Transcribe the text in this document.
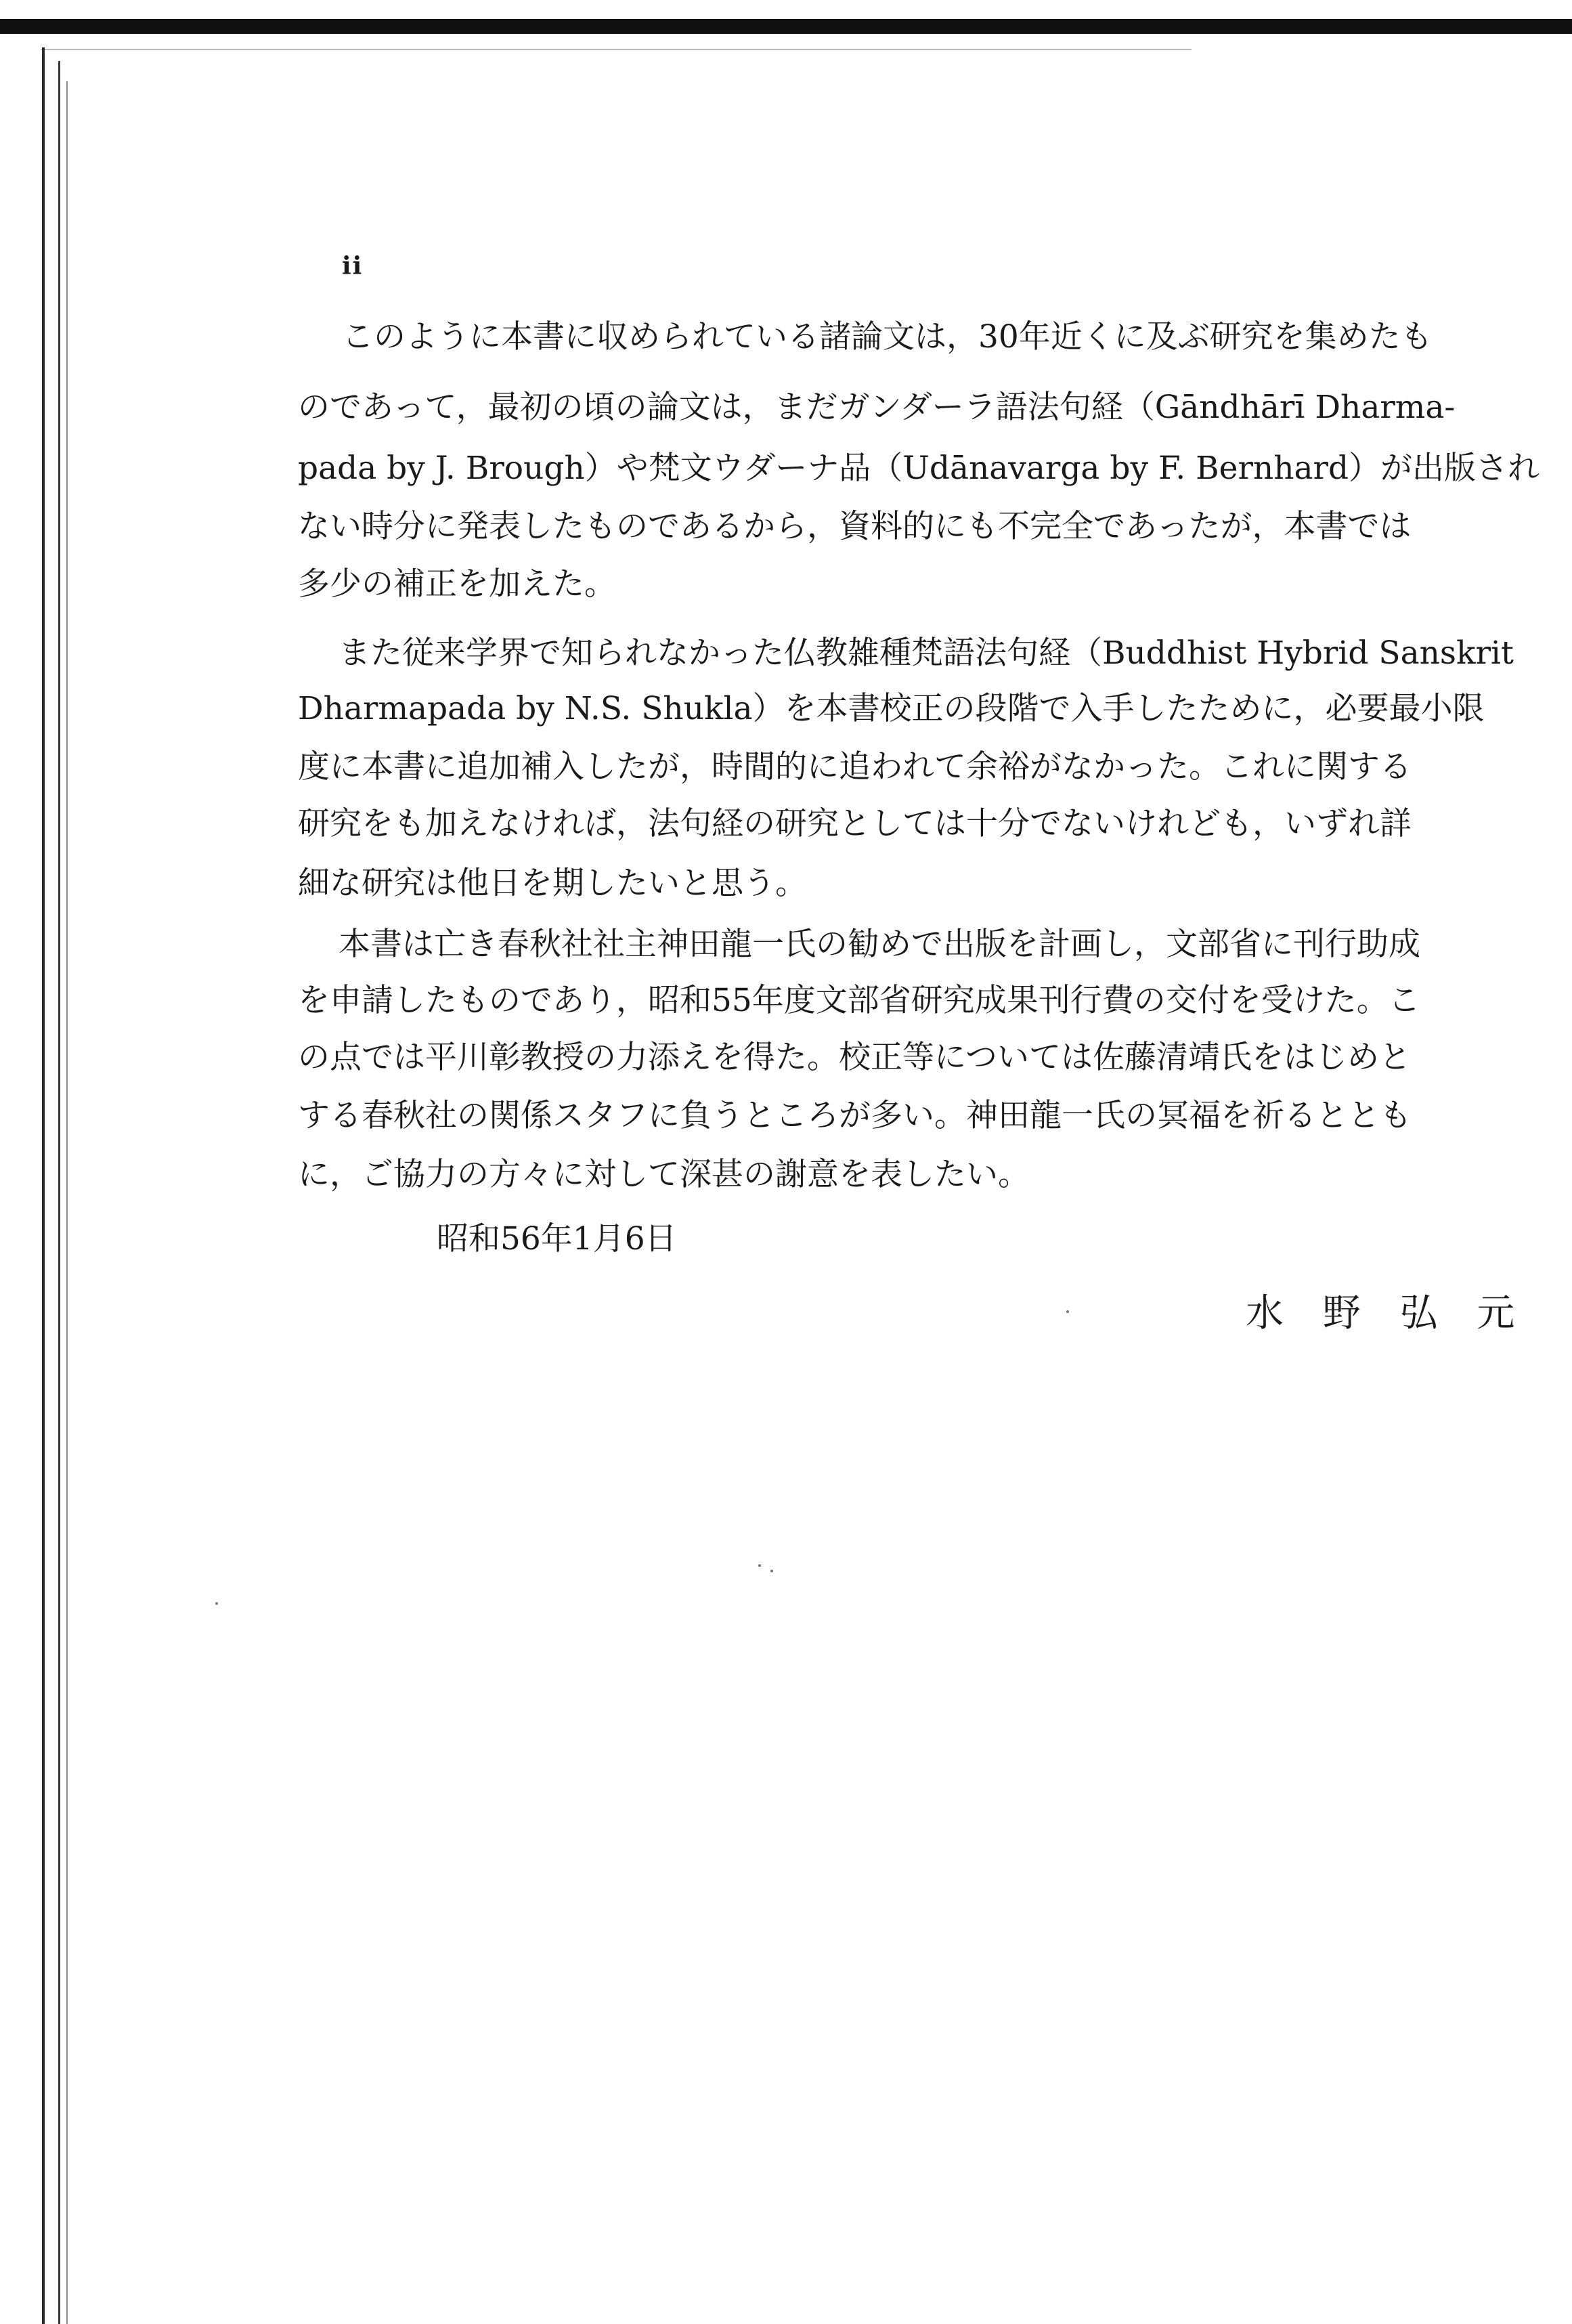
ii
このように本書に収められている諸論文は，30年近くに及ぶ研究を集めたも
のであって，最初の頃の論文は，まだガンダーラ語法句経（Gāndhārī Dharma-
pada by J. Brough）や梵文ウダーナ品（Udānavarga by F. Bernhard）が出版され
ない時分に発表したものであるから，資料的にも不完全であったが，本書では
多少の補正を加えた。
また従来学界で知られなかった仏教雑種梵語法句経（Buddhist Hybrid Sanskrit
Dharmapada by N.S. Shukla）を本書校正の段階で入手したために，必要最小限
度に本書に追加補入したが，時間的に追われて余裕がなかった。これに関する
研究をも加えなければ，法句経の研究としては十分でないけれども，いずれ詳
細な研究は他日を期したいと思う。
本書は亡き春秋社社主神田龍一氏の勧めで出版を計画し，文部省に刊行助成
を申請したものであり，昭和55年度文部省研究成果刊行費の交付を受けた。こ
の点では平川彰教授の力添えを得た。校正等については佐藤清靖氏をはじめと
する春秋社の関係スタフに負うところが多い。神田龍一氏の冥福を祈るととも
に，ご協力の方々に対して深甚の謝意を表したい。
昭和56年1月6日
水 野 弘 元
